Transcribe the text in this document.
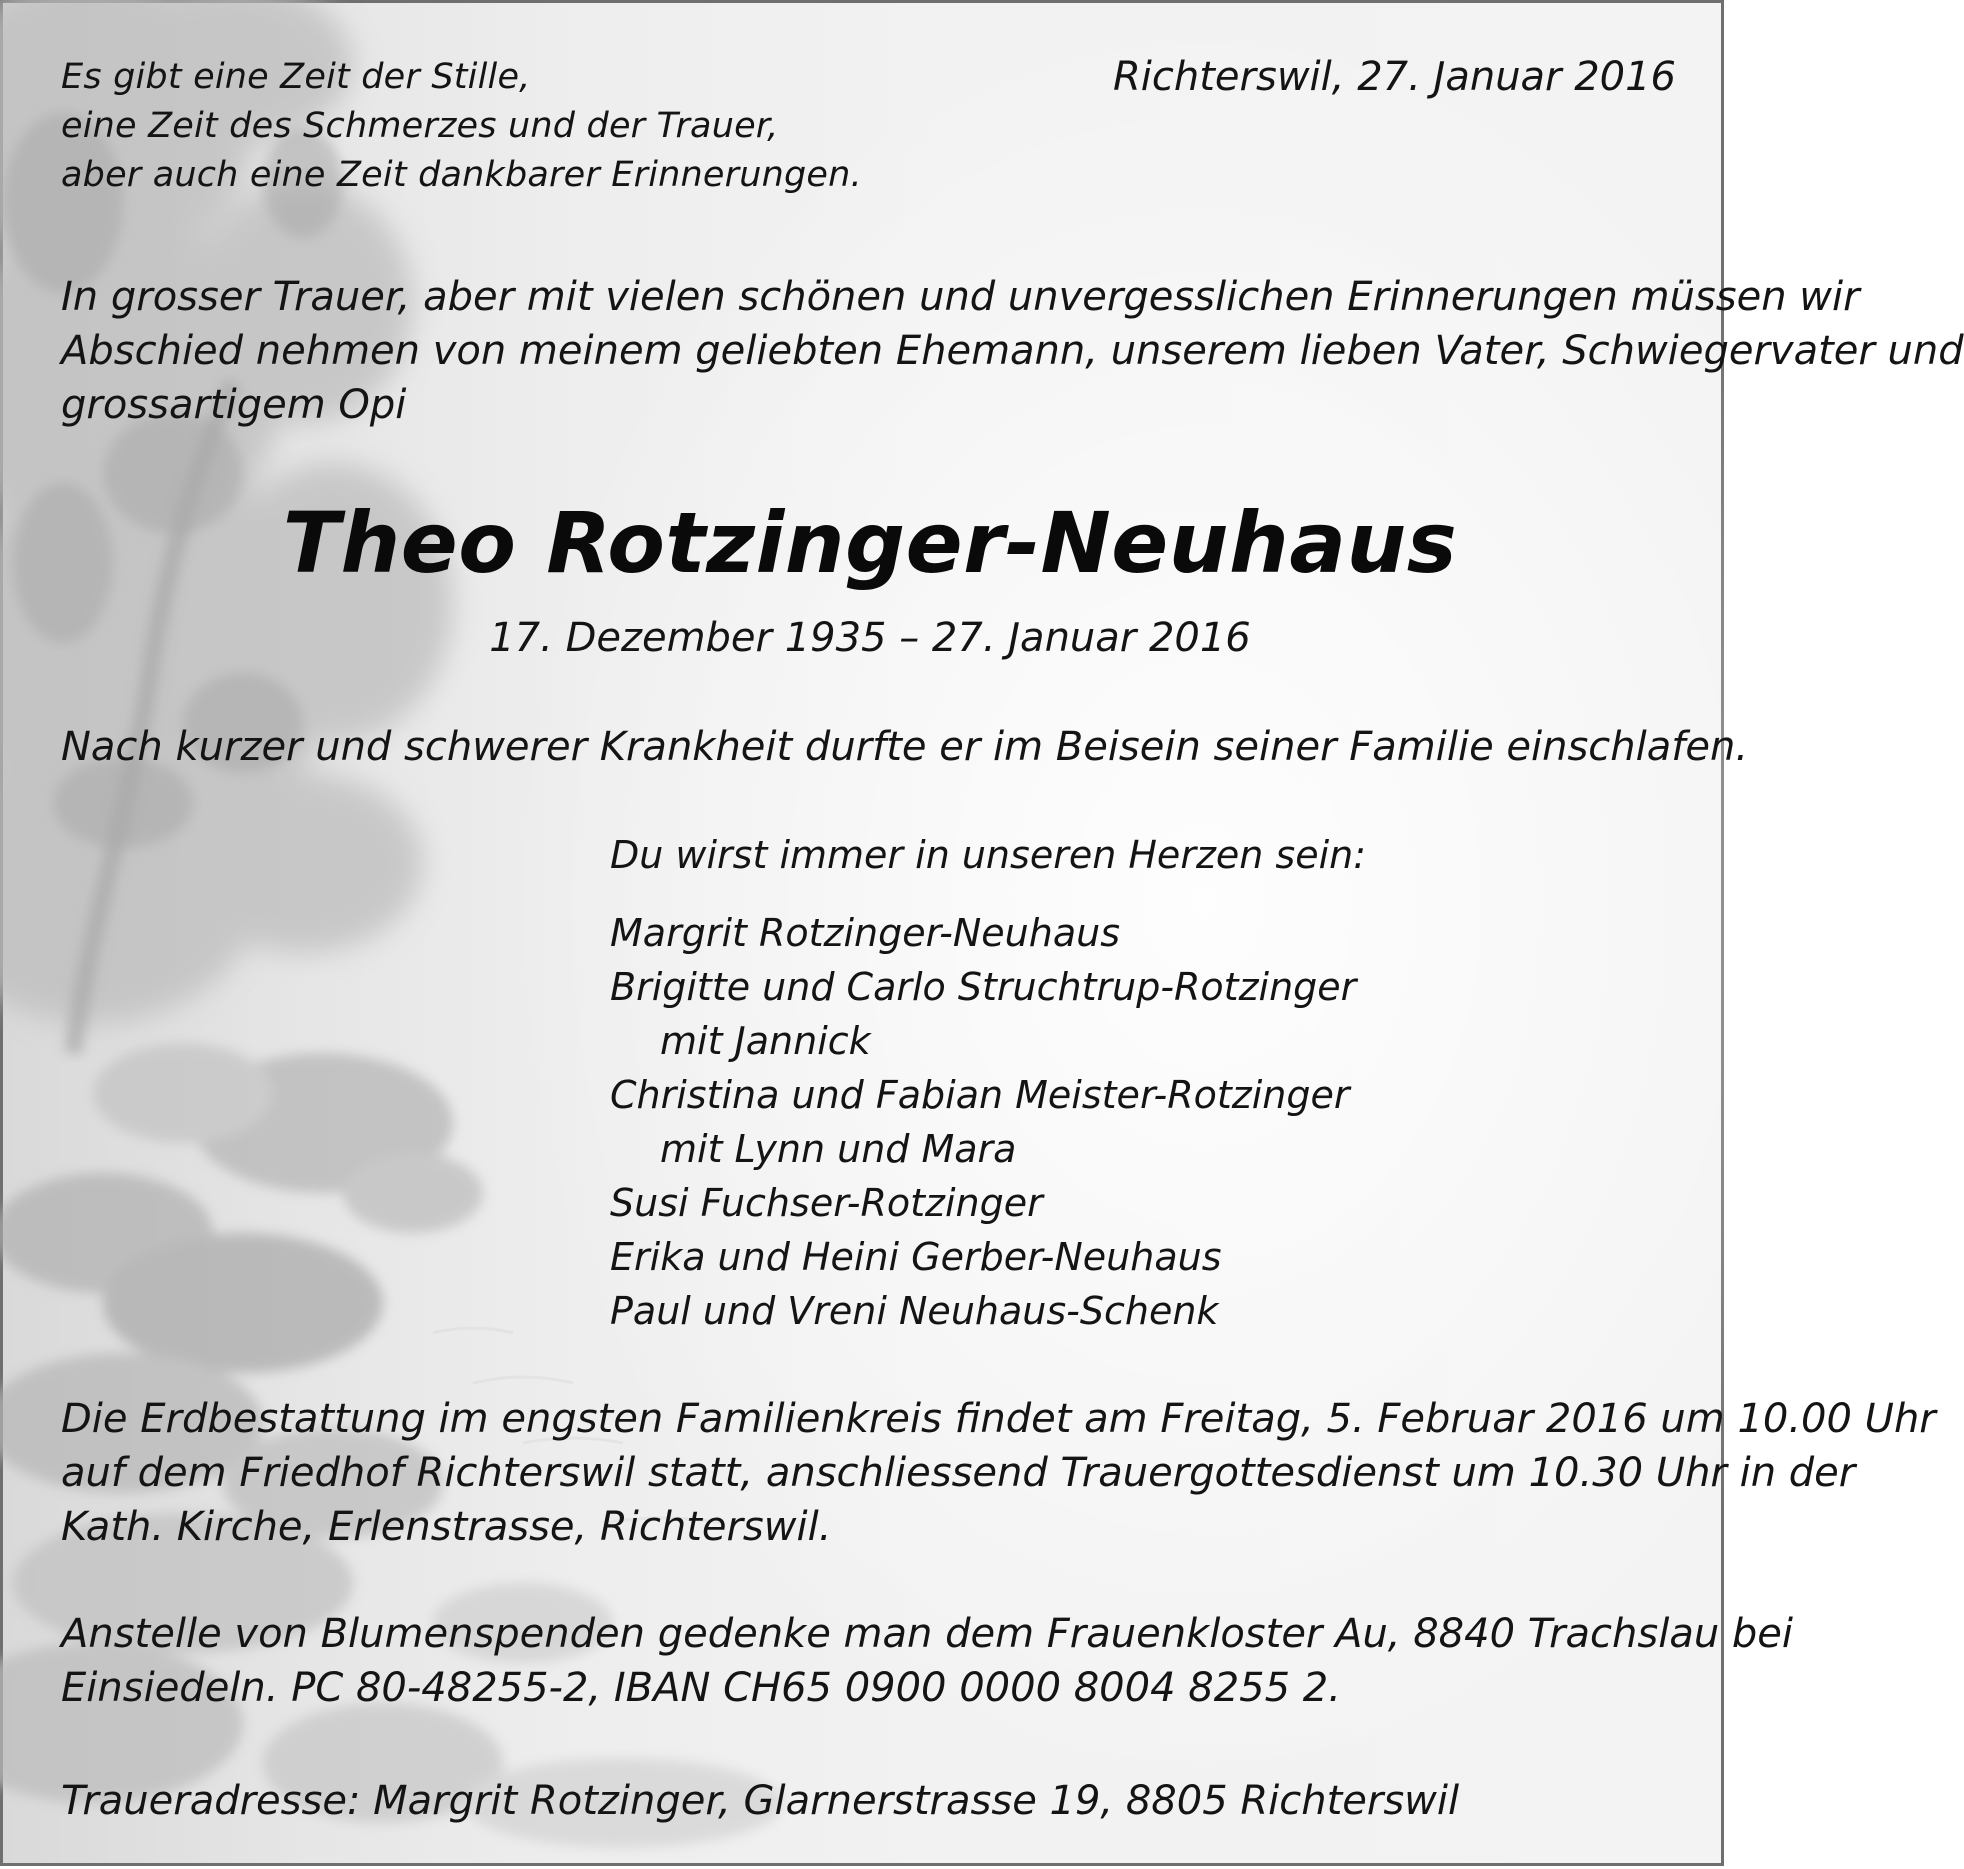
Es gibt eine Zeit der Stille,
eine Zeit des Schmerzes und der Trauer,
aber auch eine Zeit dankbarer Erinnerungen.

Richterswil, 27. Januar 2016

In grosser Trauer, aber mit vielen schönen und unvergesslichen Erinnerungen müssen wir
Abschied nehmen von meinem geliebten Ehemann, unserem lieben Vater, Schwiegervater und
grossartigem Opi

Theo Rotzinger-Neuhaus

17. Dezember 1935 – 27. Januar 2016

Nach kurzer und schwerer Krankheit durfte er im Beisein seiner Familie einschlafen.

Du wirst immer in unseren Herzen sein:

Margrit Rotzinger-Neuhaus
Brigitte und Carlo Struchtrup-Rotzinger
mit Jannick
Christina und Fabian Meister-Rotzinger
mit Lynn und Mara
Susi Fuchser-Rotzinger
Erika und Heini Gerber-Neuhaus
Paul und Vreni Neuhaus-Schenk

Die Erdbestattung im engsten Familienkreis findet am Freitag, 5. Februar 2016 um 10.00 Uhr
auf dem Friedhof Richterswil statt, anschliessend Trauergottesdienst um 10.30 Uhr in der
Kath. Kirche, Erlenstrasse, Richterswil.

Anstelle von Blumenspenden gedenke man dem Frauenkloster Au, 8840 Trachslau bei
Einsiedeln. PC 80-48255-2, IBAN CH65 0900 0000 8004 8255 2.

Traueradresse: Margrit Rotzinger, Glarnerstrasse 19, 8805 Richterswil
